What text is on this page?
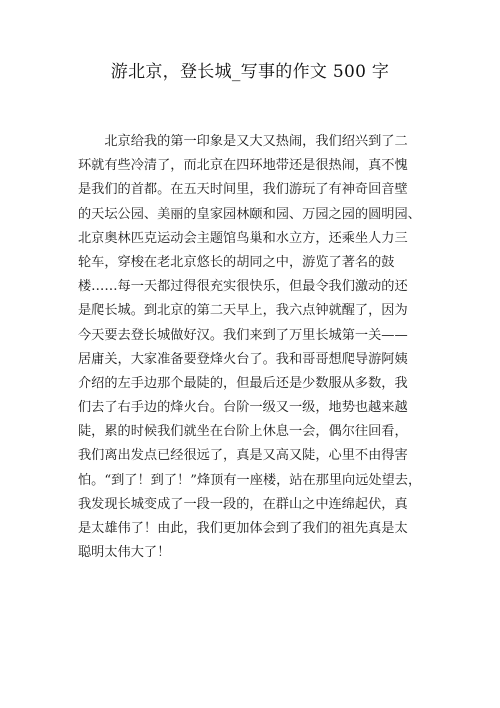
游北京，登长城_写事的作文 500 字
　　北京给我的第一印象是又大又热闹，我们绍兴到了二
环就有些冷清了，而北京在四环地带还是很热闹，真不愧
是我们的首都。在五天时间里，我们游玩了有神奇回音壁
的天坛公园、美丽的皇家园林颐和园、万园之园的圆明园、
北京奥林匹克运动会主题馆鸟巢和水立方，还乘坐人力三
轮车，穿梭在老北京悠长的胡同之中，游览了著名的鼓
楼……每一天都过得很充实很快乐，但最令我们激动的还
是爬长城。到北京的第二天早上，我六点钟就醒了，因为
今天要去登长城做好汉。我们来到了万里长城第一关——
居庸关，大家准备要登烽火台了。我和哥哥想爬导游阿姨
介绍的左手边那个最陡的，但最后还是少数服从多数，我
们去了右手边的烽火台。台阶一级又一级，地势也越来越
陡，累的时候我们就坐在台阶上休息一会，偶尔往回看，
我们离出发点已经很远了，真是又高又陡，心里不由得害
怕。“到了！到了！”烽顶有一座楼，站在那里向远处望去，
我发现长城变成了一段一段的，在群山之中连绵起伏，真
是太雄伟了！由此，我们更加体会到了我们的祖先真是太
聪明太伟大了！
